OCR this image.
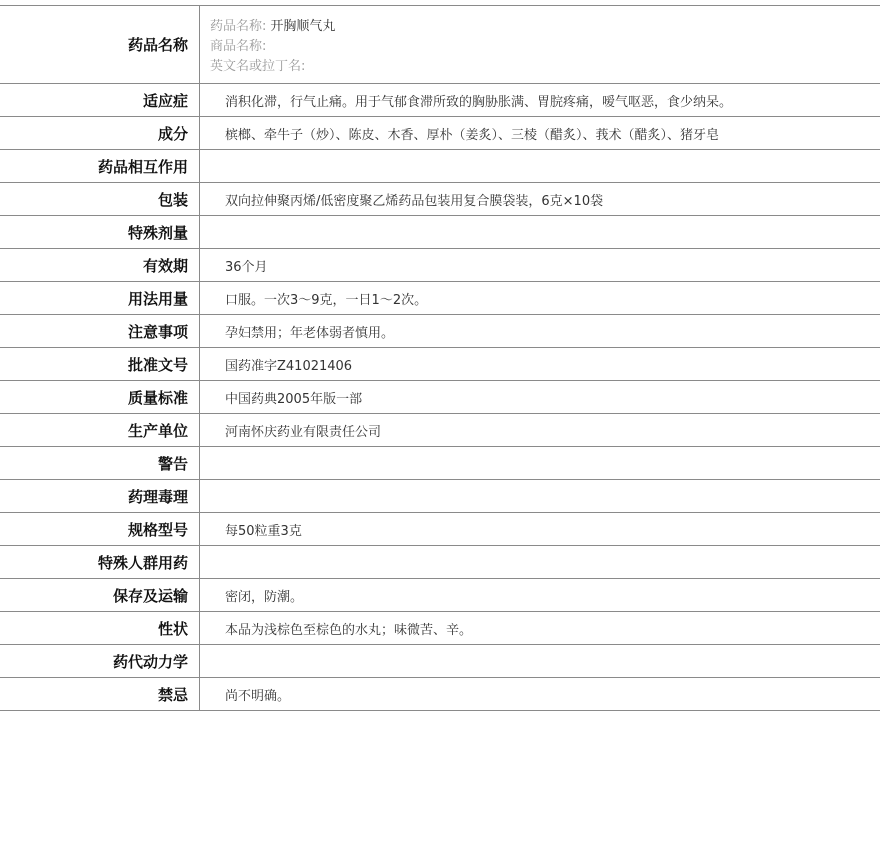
药品名称
药品名称: 开胸顺气丸
商品名称:
英文名或拉丁名:
适应症	消积化滞，行气止痛。用于气郁食滞所致的胸胁胀满、胃脘疼痛，嗳气呕恶，食少纳呆。
成分	槟榔、牵牛子（炒）、陈皮、木香、厚朴（姜炙）、三棱（醋炙）、莪术（醋炙）、猪牙皂
药品相互作用
包装	双向拉伸聚丙烯/低密度聚乙烯药品包装用复合膜袋装，6克×10袋
特殊剂量
有效期	36个月
用法用量	口服。一次3～9克，一日1～2次。
注意事项	孕妇禁用；年老体弱者慎用。
批准文号	国药准字Z41021406
质量标准	中国药典2005年版一部
生产单位	河南怀庆药业有限责任公司
警告
药理毒理
规格型号	每50粒重3克
特殊人群用药
保存及运输	密闭，防潮。
性状	本品为浅棕色至棕色的水丸；味微苦、辛。
药代动力学
禁忌	尚不明确。
